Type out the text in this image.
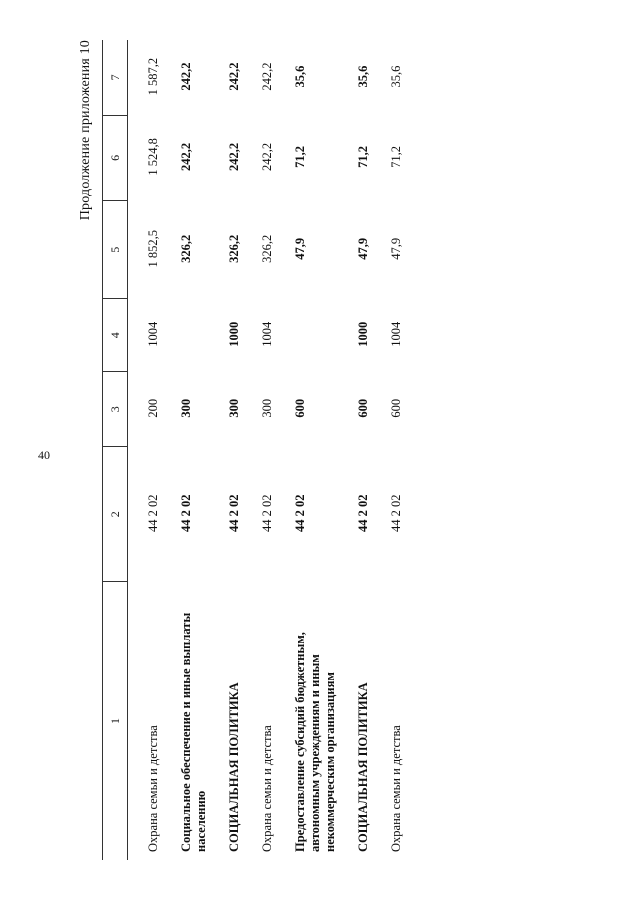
40
Продолжение приложения 10
1	2	3	4	5	6	7
Охрана семьи и детства	44 2 02	200	1004	1 852,5	1 524,8	1 587,2
Социальное обеспечение и иные выплаты населению	44 2 02	300		326,2	242,2	242,2
СОЦИАЛЬНАЯ ПОЛИТИКА	44 2 02	300	1000	326,2	242,2	242,2
Охрана семьи и детства	44 2 02	300	1004	326,2	242,2	242,2
Предоставление субсидий бюджетным, автономным учреждениям и иным некоммерческим организациям	44 2 02	600		47,9	71,2	35,6
СОЦИАЛЬНАЯ ПОЛИТИКА	44 2 02	600	1000	47,9	71,2	35,6
Охрана семьи и детства	44 2 02	600	1004	47,9	71,2	35,6
